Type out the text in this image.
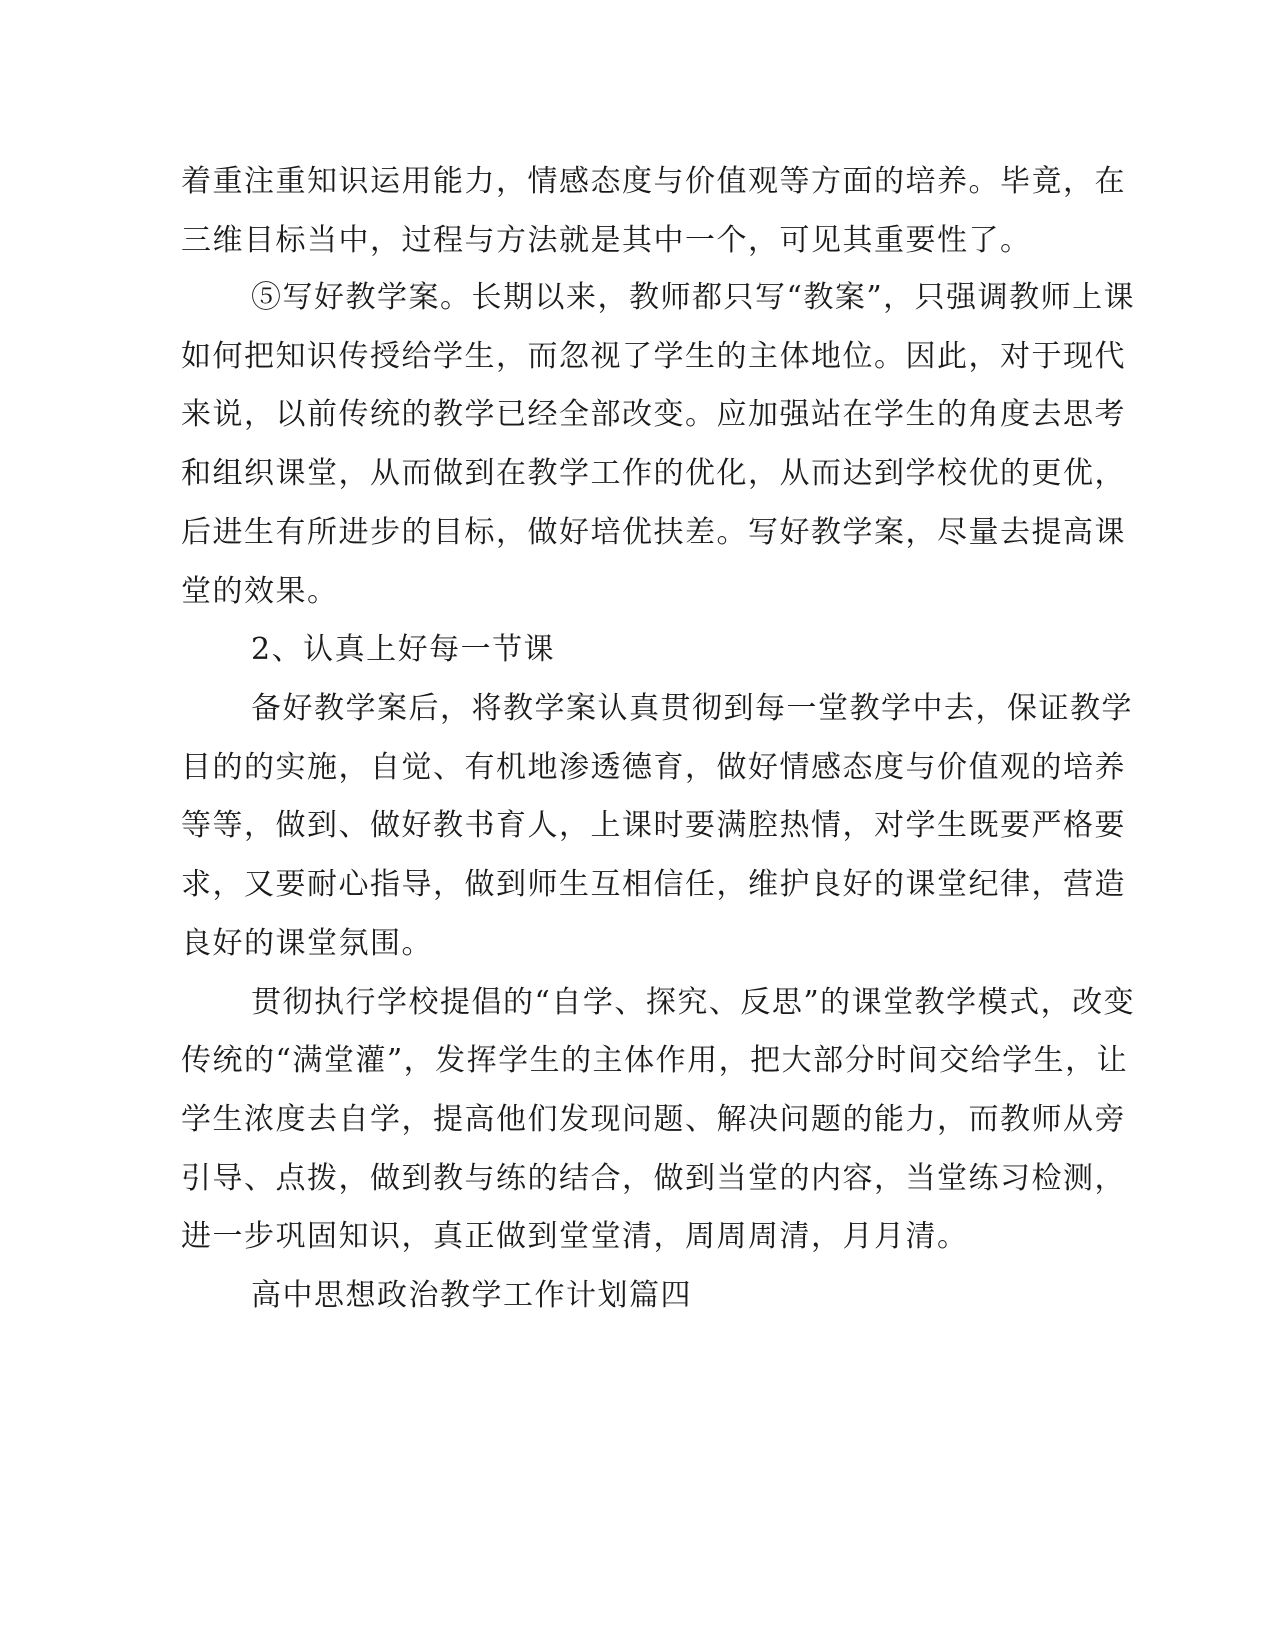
着重注重知识运用能力，情感态度与价值观等方面的培养。毕竟，在
三维目标当中，过程与方法就是其中一个，可见其重要性了。
⑤写好教学案。长期以来，教师都只写“教案”，只强调教师上课
如何把知识传授给学生，而忽视了学生的主体地位。因此，对于现代
来说，以前传统的教学已经全部改变。应加强站在学生的角度去思考
和组织课堂，从而做到在教学工作的优化，从而达到学校优的更优，
后进生有所进步的目标，做好培优扶差。写好教学案，尽量去提高课
堂的效果。
2、认真上好每一节课
备好教学案后，将教学案认真贯彻到每一堂教学中去，保证教学
目的的实施，自觉、有机地渗透德育，做好情感态度与价值观的培养
等等，做到、做好教书育人，上课时要满腔热情，对学生既要严格要
求，又要耐心指导，做到师生互相信任，维护良好的课堂纪律，营造
良好的课堂氛围。
贯彻执行学校提倡的“自学、探究、反思”的课堂教学模式，改变
传统的“满堂灌”，发挥学生的主体作用，把大部分时间交给学生，让
学生浓度去自学，提高他们发现问题、解决问题的能力，而教师从旁
引导、点拨，做到教与练的结合，做到当堂的内容，当堂练习检测，
进一步巩固知识，真正做到堂堂清，周周周清，月月清。
高中思想政治教学工作计划篇四
